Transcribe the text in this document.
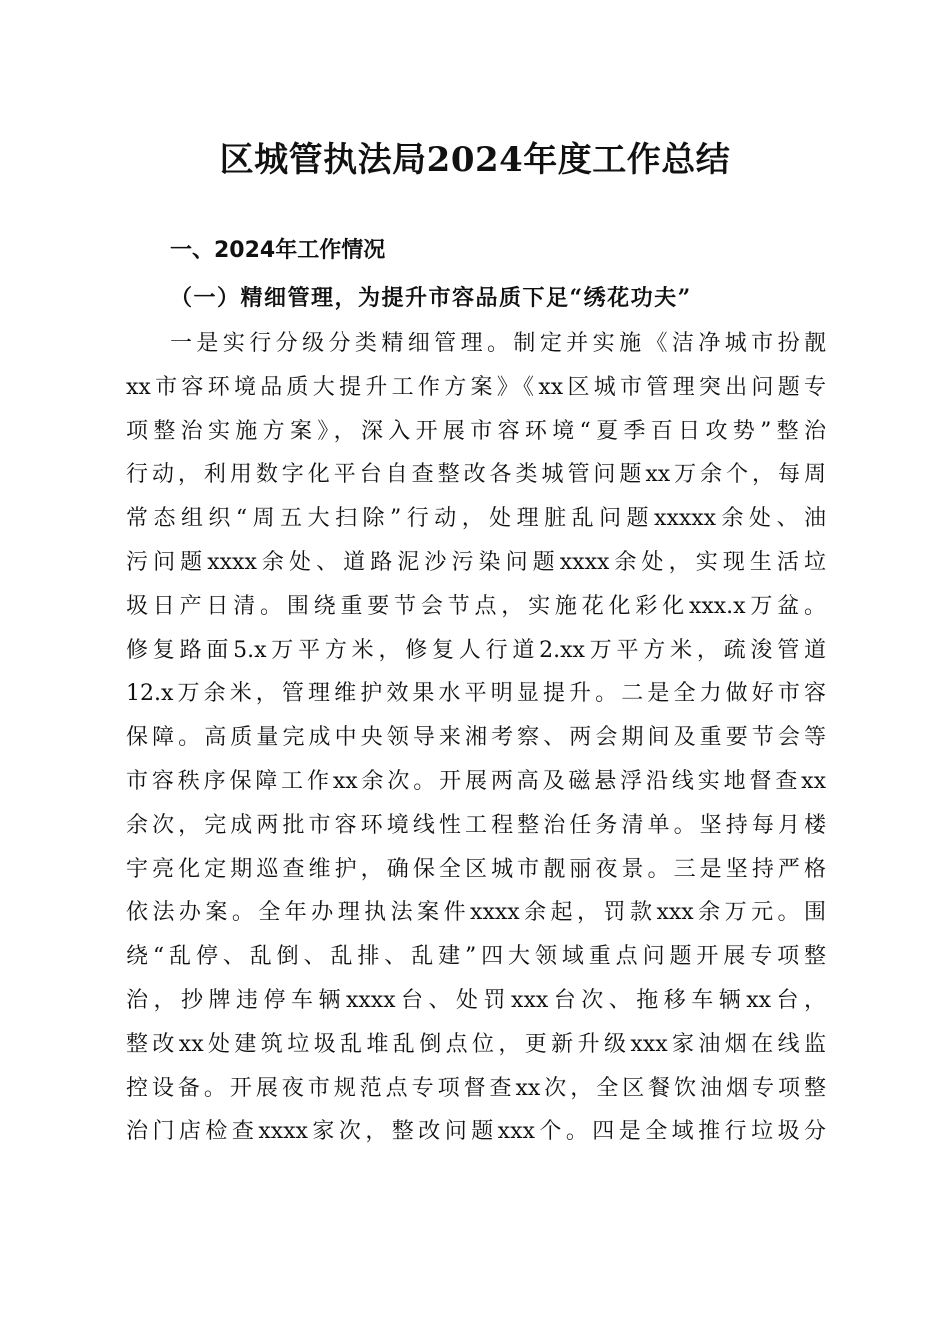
区城管执法局2024年度工作总结
一、2024年工作情况
（一）精细管理，为提升市容品质下足“绣花功夫”
一是实行分级分类精细管理。制定并实施《洁净城市扮靓
xx市容环境品质大提升工作方案》《xx区城市管理突出问题专
项整治实施方案》，深入开展市容环境“夏季百日攻势”整治
行动，利用数字化平台自查整改各类城管问题xx万余个，每周
常态组织“周五大扫除”行动，处理脏乱问题xxxxx余处、油
污问题xxxx余处、道路泥沙污染问题xxxx余处，实现生活垃
圾日产日清。围绕重要节会节点，实施花化彩化xxx.x万盆。
修复路面5.x万平方米，修复人行道2.xx万平方米，疏浚管道
12.x万余米，管理维护效果水平明显提升。二是全力做好市容
保障。高质量完成中央领导来湘考察、两会期间及重要节会等
市容秩序保障工作xx余次。开展两高及磁悬浮沿线实地督查xx
余次，完成两批市容环境线性工程整治任务清单。坚持每月楼
宇亮化定期巡查维护，确保全区城市靓丽夜景。三是坚持严格
依法办案。全年办理执法案件xxxx余起，罚款xxx余万元。围
绕“乱停、乱倒、乱排、乱建”四大领域重点问题开展专项整
治，抄牌违停车辆xxxx台、处罚xxx台次、拖移车辆xx台，
整改xx处建筑垃圾乱堆乱倒点位，更新升级xxx家油烟在线监
控设备。开展夜市规范点专项督查xx次，全区餐饮油烟专项整
治门店检查xxxx家次，整改问题xxx个。四是全域推行垃圾分
